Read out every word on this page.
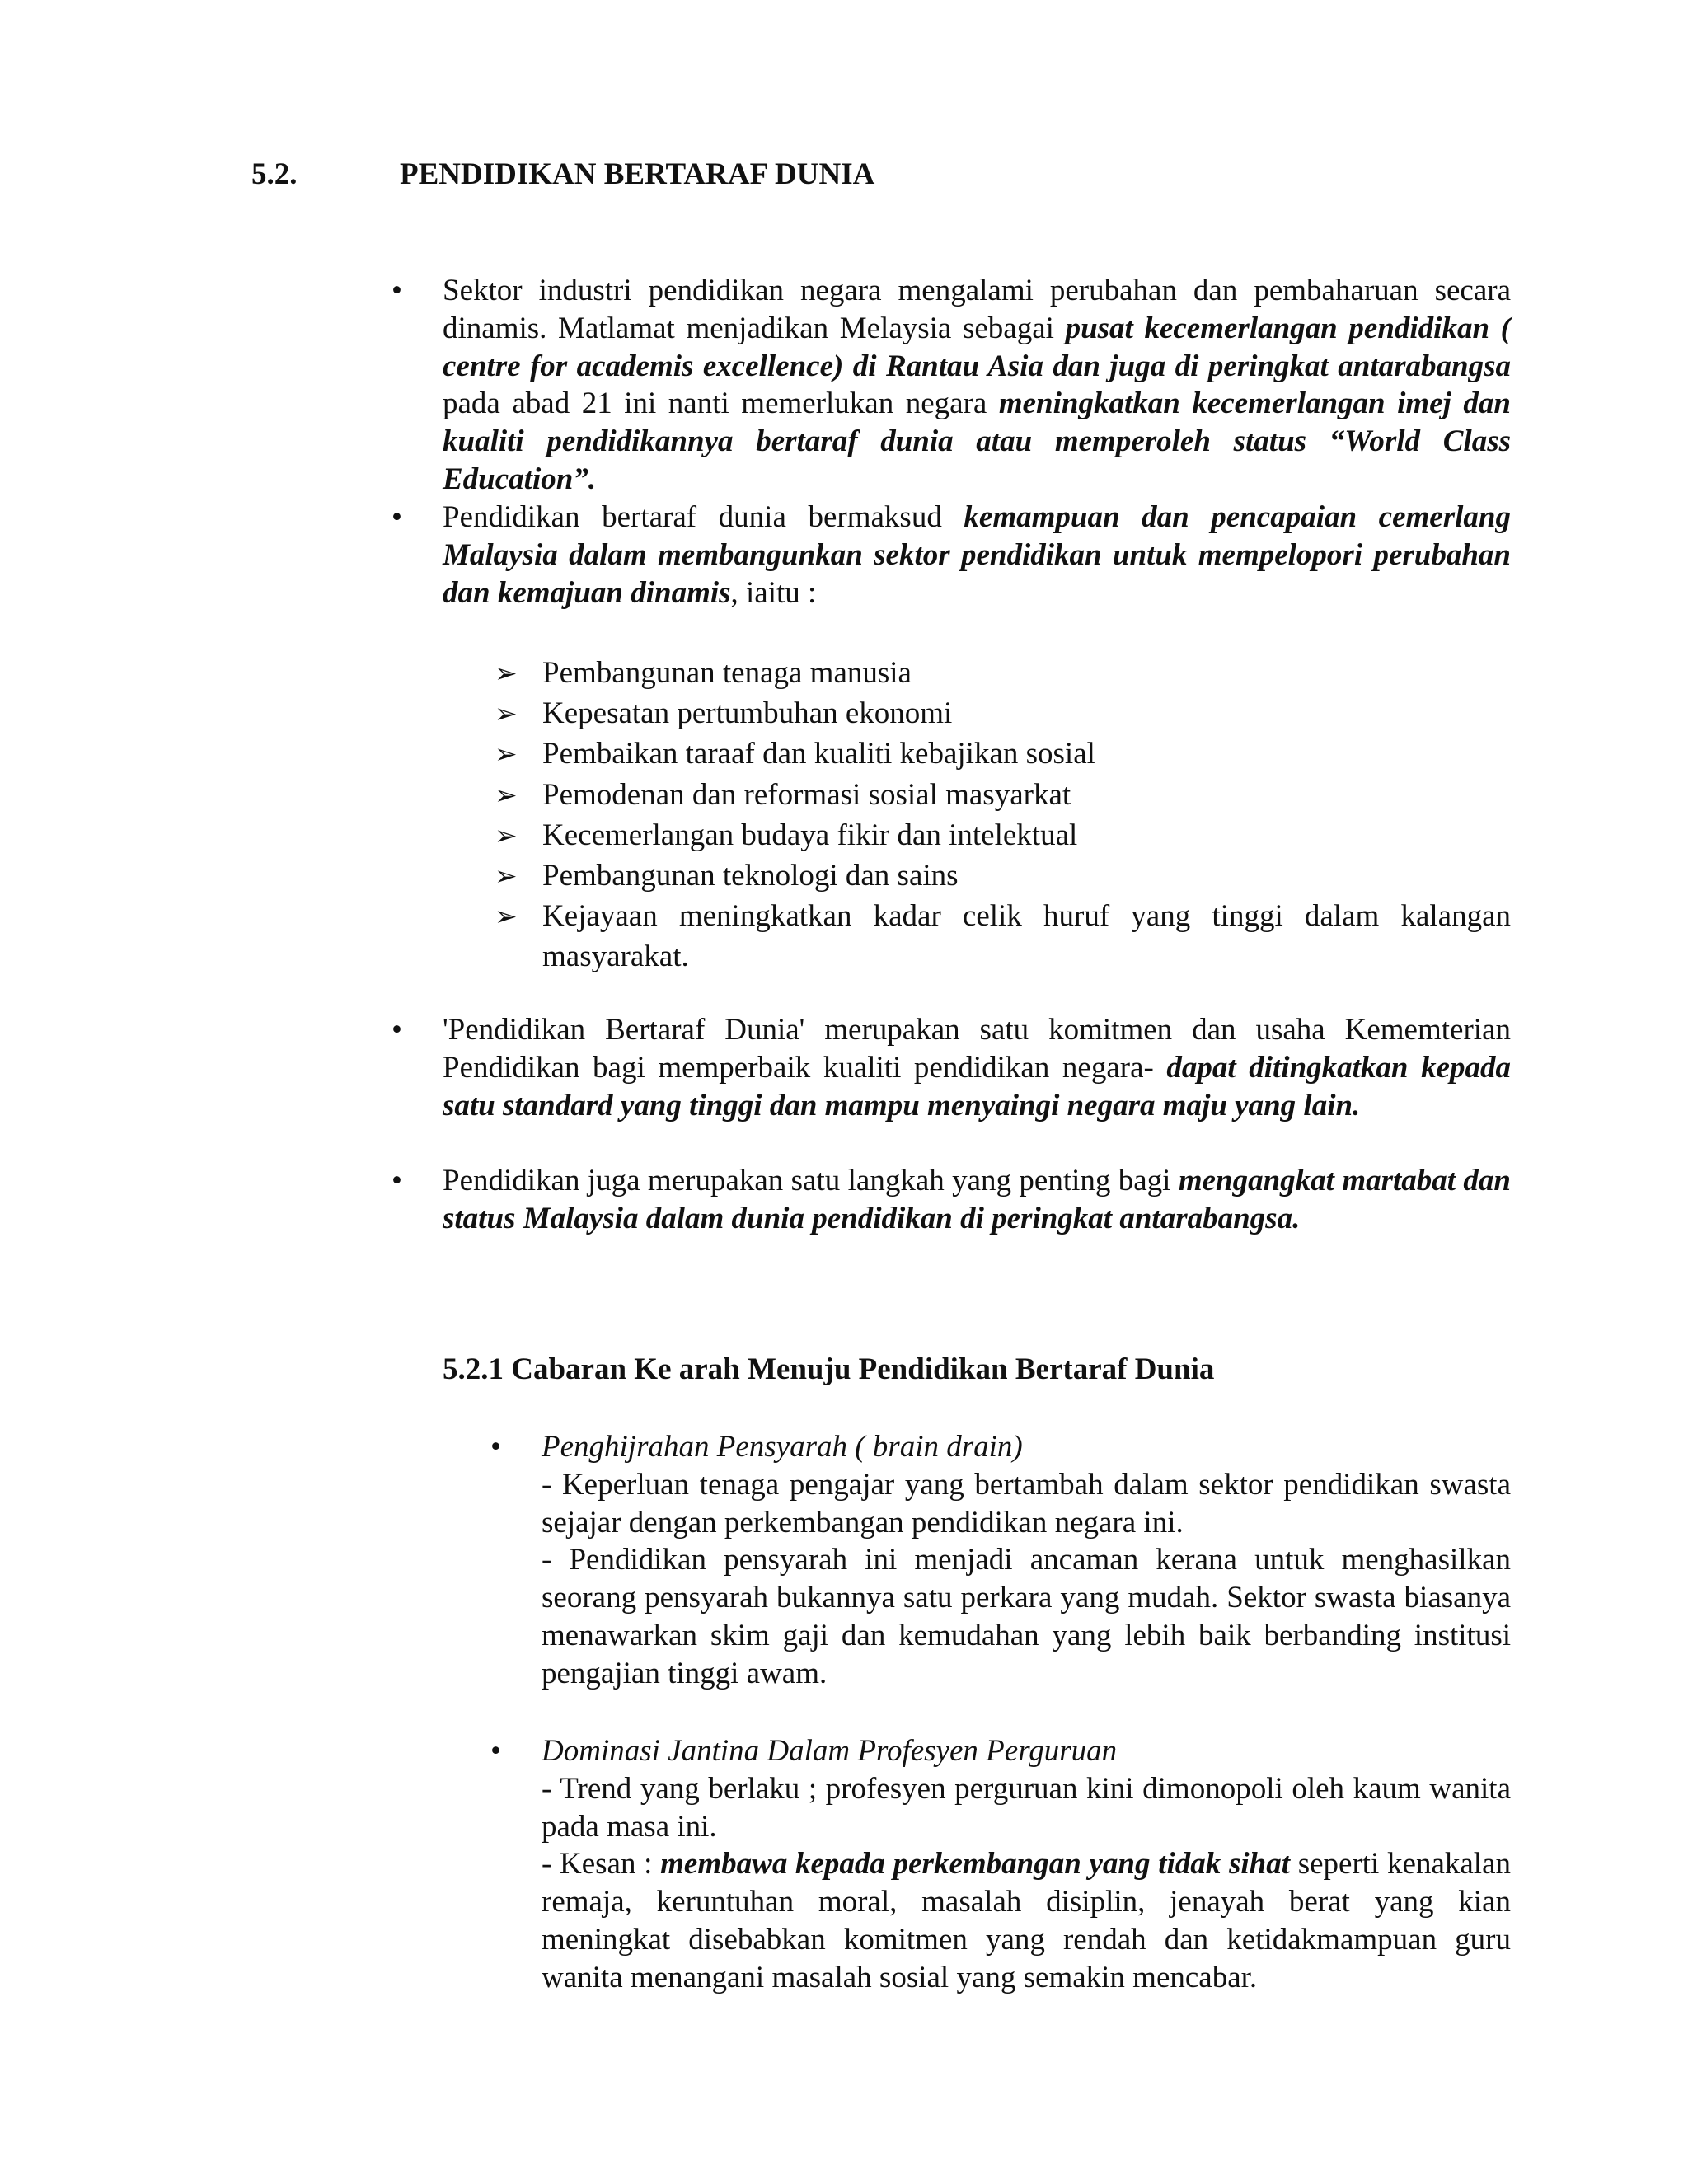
5.2.	PENDIDIKAN BERTARAF DUNIA
• Sektor industri pendidikan negara mengalami perubahan dan pembaharuan secara dinamis. Matlamat menjadikan Melaysia sebagai pusat kecemerlangan pendidikan ( centre for academis excellence) di Rantau Asia dan juga di peringkat antarabangsa pada abad 21 ini nanti memerlukan negara meningkatkan kecemerlangan imej dan kualiti pendidikannya bertaraf dunia atau memperoleh status “World Class Education”.
• Pendidikan bertaraf dunia bermaksud kemampuan dan pencapaian cemerlang Malaysia dalam membangunkan sektor pendidikan untuk mempelopori perubahan dan kemajuan dinamis, iaitu :
➢ Pembangunan tenaga manusia
➢ Kepesatan pertumbuhan ekonomi
➢ Pembaikan taraaf dan kualiti kebajikan sosial
➢ Pemodenan dan reformasi sosial masyarkat
➢ Kecemerlangan budaya fikir dan intelektual
➢ Pembangunan teknologi dan sains
➢ Kejayaan meningkatkan kadar celik huruf yang tinggi dalam kalangan masyarakat.
• 'Pendidikan Bertaraf Dunia' merupakan satu komitmen dan usaha Kememterian Pendidikan bagi memperbaik kualiti pendidikan negara- dapat ditingkatkan kepada satu standard yang tinggi dan mampu menyaingi negara maju yang lain.
• Pendidikan juga merupakan satu langkah yang penting bagi mengangkat martabat dan status Malaysia dalam dunia pendidikan di peringkat antarabangsa.
5.2.1 Cabaran Ke arah Menuju Pendidikan Bertaraf Dunia
• Penghijrahan Pensyarah ( brain drain)
- Keperluan tenaga pengajar yang bertambah dalam sektor pendidikan swasta sejajar dengan perkembangan pendidikan negara ini.
- Pendidikan pensyarah ini menjadi ancaman kerana untuk menghasilkan seorang pensyarah bukannya satu perkara yang mudah. Sektor swasta biasanya menawarkan skim gaji dan kemudahan yang lebih baik berbanding institusi pengajian tinggi awam.
• Dominasi Jantina Dalam Profesyen Perguruan
- Trend yang berlaku ; profesyen perguruan kini dimonopoli oleh kaum wanita pada masa ini.
- Kesan : membawa kepada perkembangan yang tidak sihat seperti kenakalan remaja, keruntuhan moral, masalah disiplin, jenayah berat yang kian meningkat disebabkan komitmen yang rendah dan ketidakmampuan guru wanita menangani masalah sosial yang semakin mencabar.
